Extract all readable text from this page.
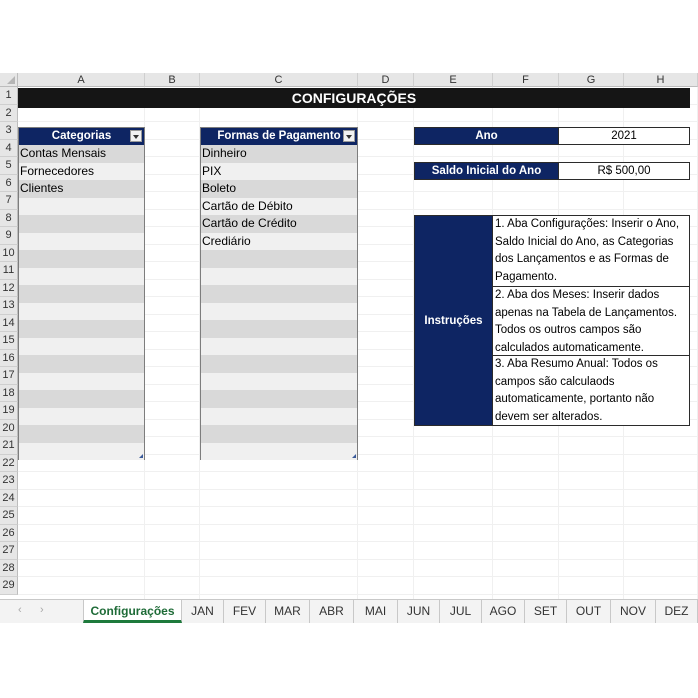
A	B	C	D	E	F	G	H
1
2
3
4
5
6
7
8
9
10
11
12
13
14
15
16
17
18
19
20
21
22
23
24
25
26
27
28
29
CONFIGURAÇÕES
Categorias
Contas Mensais
Fornecedores
Clientes
Formas de Pagamento
Dinheiro
PIX
Boleto
Cartão de Débito
Cartão de Crédito
Crediário
Ano	2021
Saldo Inicial do Ano	R$ 500,00
Instruções
1. Aba Configurações: Inserir o Ano, Saldo Inicial do Ano, as Categorias dos Lançamentos e as Formas de Pagamento.
2. Aba dos Meses: Inserir dados apenas na Tabela de Lançamentos. Todos os outros campos são calculados automaticamente.
3. Aba Resumo Anual: Todos os campos são calculaods automaticamente, portanto não devem ser alterados.
‹ ›	Configurações	JAN	FEV	MAR	ABR	MAI	JUN	JUL	AGO	SET	OUT	NOV	DEZ
